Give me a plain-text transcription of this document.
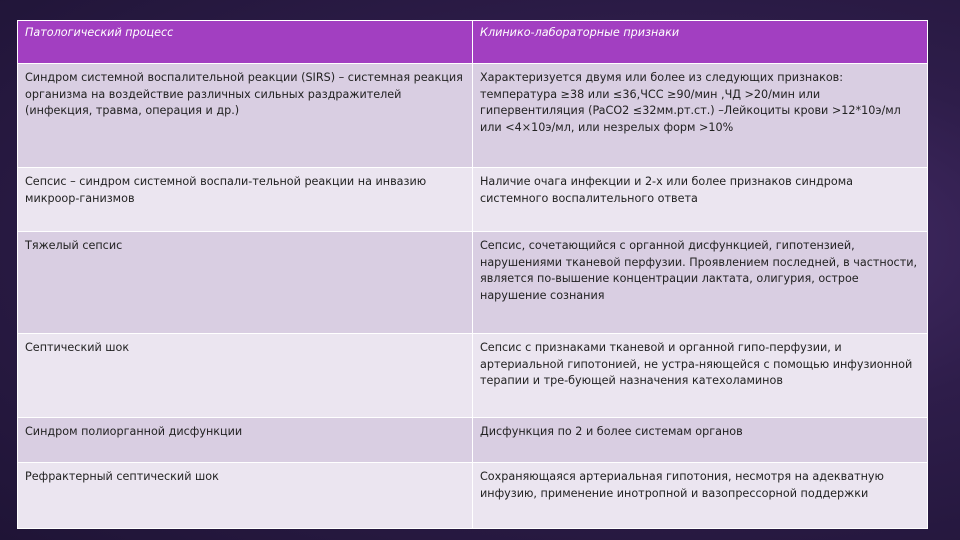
Патологический процесс	Клинико-лабораторные признаки
Синдром системной воспалительной реакции (SIRS) – системная реакция организма на воздействие различных сильных раздражителей (инфекция, травма, операция и др.)	Характеризуется двумя или более из следующих признаков: температура ≥38 или ≤36,ЧСС ≥90/мин ,ЧД >20/мин или гипервентиляция (PaCO2 ≤32мм.рт.ст.) –Лейкоциты крови >12*10э/мл или <4×10э/мл, или незрелых форм >10%
Сепсис – синдром системной воспали-тельной реакции на инвазию микроор-ганизмов	Наличие очага инфекции и 2-х или более признаков синдрома системного воспалительного ответа
Тяжелый сепсис	Сепсис, сочетающийся с органной дисфункцией, гипотензией, нарушениями тканевой перфузии. Проявлением последней, в частности, является по-вышение концентрации лактата, олигурия, острое нарушение сознания
Септический шок	Сепсис с признаками тканевой и органной гипо-перфузии, и артериальной гипотонией, не устра-няющейся с помощью инфузионной терапии и тре-бующей назначения катехоламинов
Синдром полиорганной дисфункции	Дисфункция по 2 и более системам органов
Рефрактерный септический шок	Сохраняющаяся артериальная гипотония, несмотря на адекватную инфузию, применение инотропной и вазопрессорной поддержки
